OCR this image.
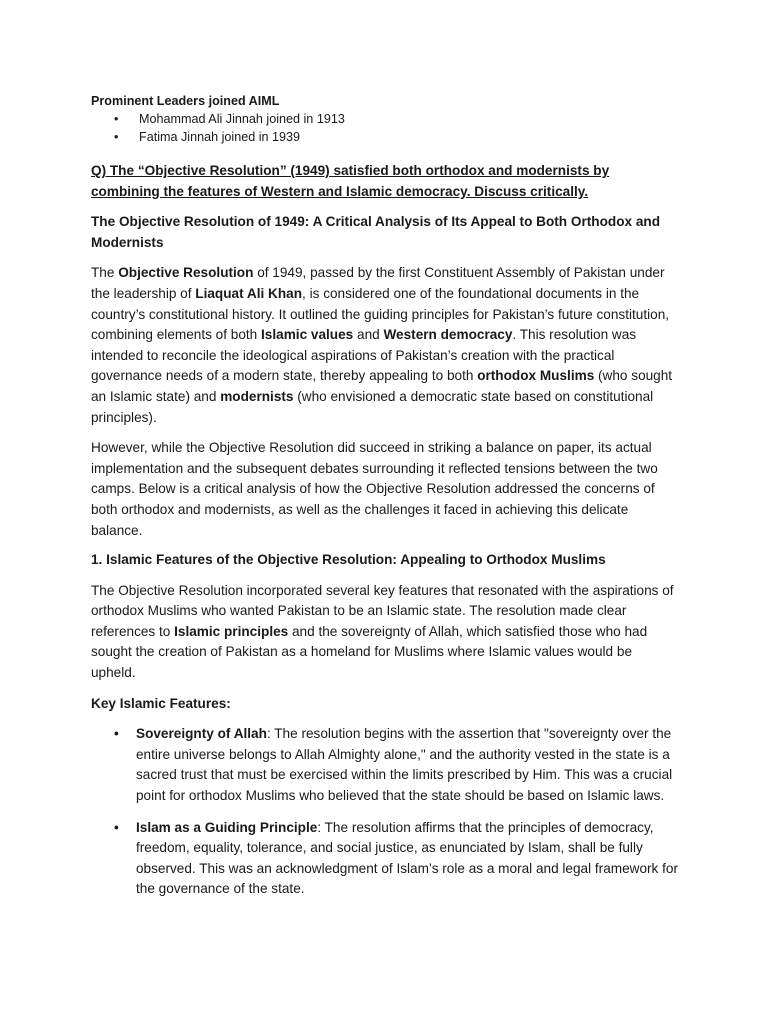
Prominent Leaders joined AIML

• Mohammad Ali Jinnah joined in 1913
• Fatima Jinnah joined in 1939

Q) The “Objective Resolution” (1949) satisfied both orthodox and modernists by combining the features of Western and Islamic democracy. Discuss critically.

The Objective Resolution of 1949: A Critical Analysis of Its Appeal to Both Orthodox and Modernists

The Objective Resolution of 1949, passed by the first Constituent Assembly of Pakistan under the leadership of Liaquat Ali Khan, is considered one of the foundational documents in the country’s constitutional history. It outlined the guiding principles for Pakistan’s future constitution, combining elements of both Islamic values and Western democracy. This resolution was intended to reconcile the ideological aspirations of Pakistan’s creation with the practical governance needs of a modern state, thereby appealing to both orthodox Muslims (who sought an Islamic state) and modernists (who envisioned a democratic state based on constitutional principles).

However, while the Objective Resolution did succeed in striking a balance on paper, its actual implementation and the subsequent debates surrounding it reflected tensions between the two camps. Below is a critical analysis of how the Objective Resolution addressed the concerns of both orthodox and modernists, as well as the challenges it faced in achieving this delicate balance.

1. Islamic Features of the Objective Resolution: Appealing to Orthodox Muslims

The Objective Resolution incorporated several key features that resonated with the aspirations of orthodox Muslims who wanted Pakistan to be an Islamic state. The resolution made clear references to Islamic principles and the sovereignty of Allah, which satisfied those who had sought the creation of Pakistan as a homeland for Muslims where Islamic values would be upheld.

Key Islamic Features:

• Sovereignty of Allah: The resolution begins with the assertion that "sovereignty over the entire universe belongs to Allah Almighty alone," and the authority vested in the state is a sacred trust that must be exercised within the limits prescribed by Him. This was a crucial point for orthodox Muslims who believed that the state should be based on Islamic laws.
• Islam as a Guiding Principle: The resolution affirms that the principles of democracy, freedom, equality, tolerance, and social justice, as enunciated by Islam, shall be fully observed. This was an acknowledgment of Islam’s role as a moral and legal framework for the governance of the state.
